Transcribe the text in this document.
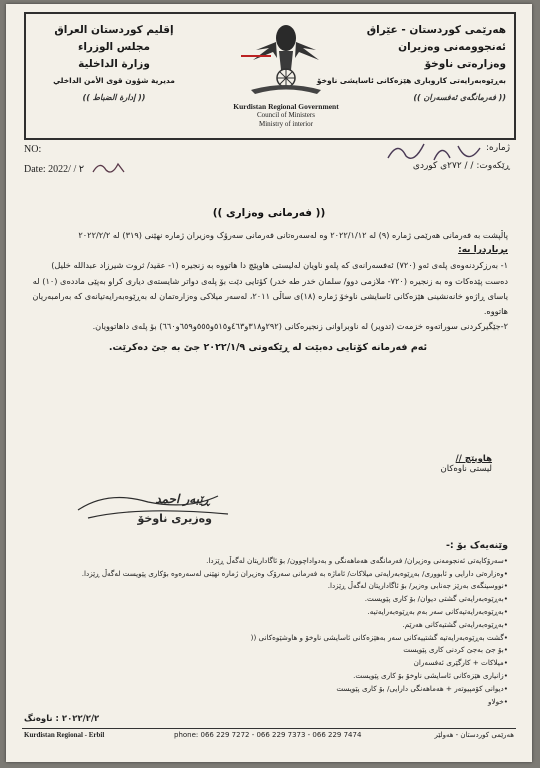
هەرێمی کوردستان - عێراق
ئەنجوومەنی وەزیران
وەزارەتی ناوخۆ
بەڕێوەبەرایەتی کاروباری هێزەکانی ئاسایشی ناوخۆ
(( فەرمانگەی ئەفسەران ))
Kurdistan Regional Government
Council of Ministers
Ministry of interior
إقليم كوردستان العراق
مجلس الوزراء
وزارة الداخلية
مديرية شؤون قوى الأمن الداخلي
(( إدارة الضباط ))
NO:
Date: 2022/ / ٢
ژمارە:
ڕێکەوت: / / ٢٧٢ی کوردی
(( فەرمانی وەزاری ))

پاڵپشت بە فەرمانی هەرێمی ژمارە (٩) لە ٢٠٢٢/١/١٢ وە لەسەرەتانی فەرمانی سەرۆک وەزیران ژمارە نهێنی (٣١٩) لە ٢٠٢٢/٢/٢

بڕیاردرا بە:

١- بەرزکردنەوەی پلەی ئەو (٧٢٠) ئەفسەرانەی کە پلەو ناویان لەلیستی هاوپێچ دا هاتووە بە زنجیرە (١- عقيد/ ثروت شيرزاد عبدالله خليل) دەست پێدەکات وە بە زنجیرە (٧٢٠- ملازمی دوو/ سلمان خدر طه خدر) کۆتایی دێت بۆ پلەی دواتر شایستەی دیاری کراو بەپێی ماددەی (١٠) لە یاسای ڕاژەو خانەنشینی هێزەکانی ئاسایشی ناوخۆ ژمارە (١٨)ی ساڵی ٢٠١١، لەسەر میلاکی وەزارەتمان لە بەڕێوەبەرایەتیانەی کە بەرامبەریان هاتووە.

٢-جێگیرکردنی سوراتەوە خزمەت (تدوير) لە ناوبراوانی زنجیرەکانی (٢٩٢و٣١٨و٤٦٣و٥١٥و٥٥٥و٦٥٩و٦٦٠) بۆ پلەی داهاتوویان.

ئەم فەرمانە کۆتایی دەبێت لە ڕێکەوتی ٢٠٢٢/١/٩ جێ بە جێ دەکرێت.

هاوپێچ //
لیستی ناوەکان
ڕێبەر احمد
وەزیری ناوخۆ
وێنەیەک بۆ :-
• سەرۆکایەتی ئەنجومەنی وەزیران/ فەرمانگەی هەماهەنگی و بەدواداچوون/ بۆ ئاگاداریتان لەگەڵ ڕێزدا.
• وەزارەتی دارایی و ئابووری/ بەڕێوەبەرایەتی میلاکات/ ئاماژە بە فەرمانی سەرۆک وەزیران ژمارە نهێنی لەسەرەوە بۆکاری پێویست لەگەڵ ڕێزدا.
• نووسینگەی بەرێز جەنابی وەزیر/ بۆ ئاگاداریتان لەگەڵ ڕێزدا.
• بەڕێوەبەرایەتی گشتی دیوان/ بۆ کاری پێویست.
• بەڕێوەبەرایەتیەکانی سەر بەم بەڕێوەبەرایەتیە.
• بەڕێوەبەرایەتی گشتیەکانی هەرێم.
• گشت بەڕێوەبەرایەتیە گشتییەکانی سەر بەهێزەکانی ئاسایشی ناوخۆ و هاوشێوەکانی ((
• بۆ جێ بەجێ کردنی کاری پێویست
• میلاکات + کارگێری ئەفسەران
• زانیاری هێزەکانی ئاسایشی ناوخۆ بۆ کاری پێویست.
• دیوانی کۆمپیوتەر + هەماهەنگی دارایی/ بۆ کاری پێویست
• خولاو
٢٠٢٢/٢/٢ : ناوەنگ
Kurdistan Regional - Erbil	phone: 066 229 7272 - 066 229 7373 - 066 229 7474	هەرێمی کوردستان - هەولێر
